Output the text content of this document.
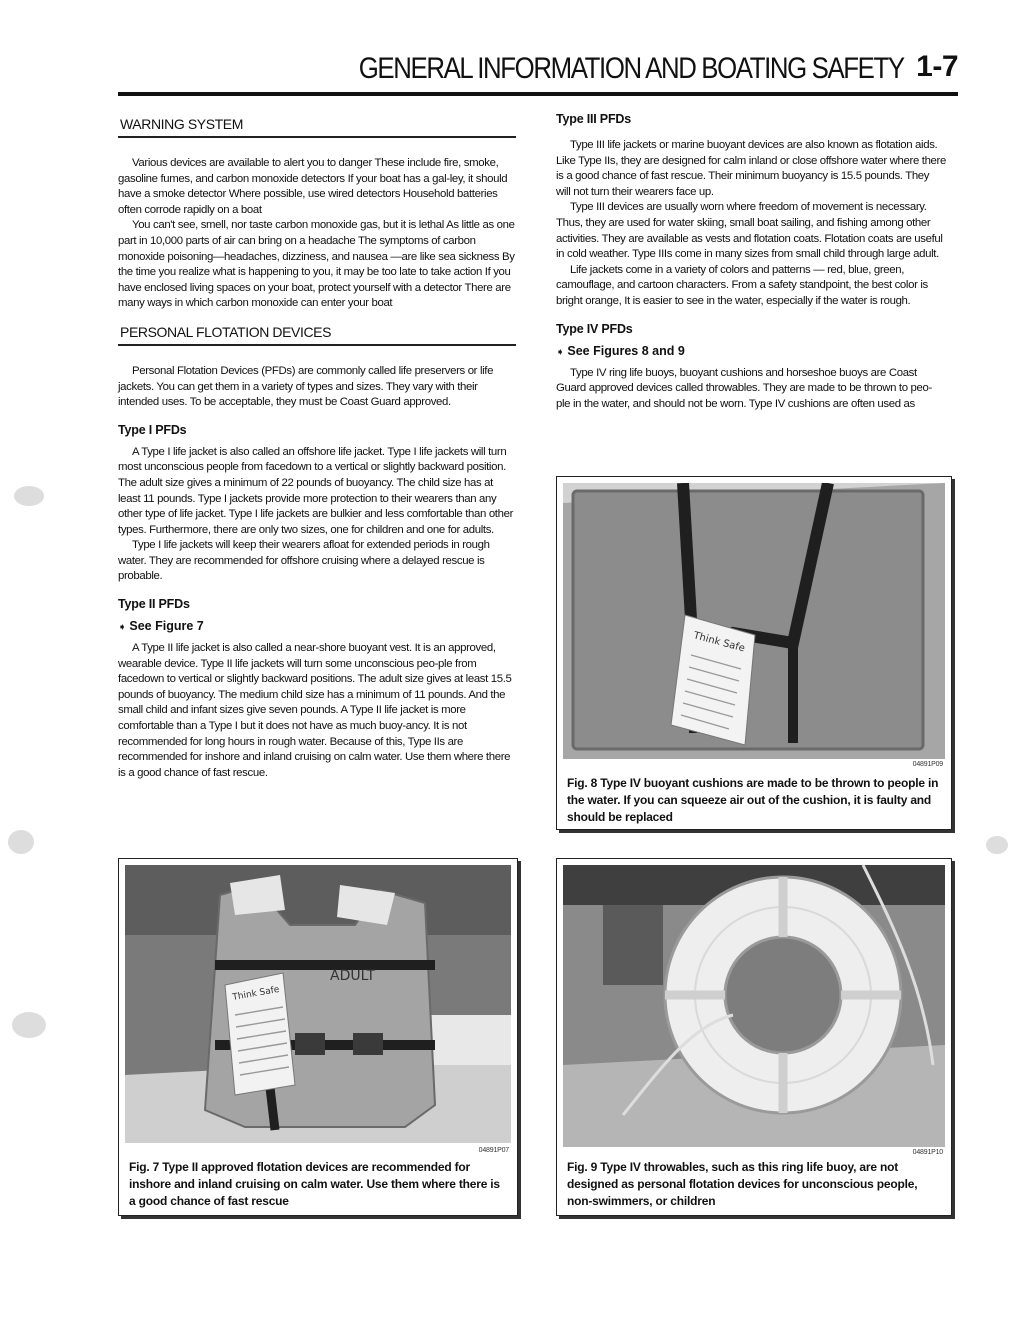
GENERAL INFORMATION AND BOATING SAFETY 1-7
WARNING SYSTEM

Various devices are available to alert you to danger These include fire, smoke, gasoline fumes, and carbon monoxide detectors If your boat has a gal-ley, it should have a smoke detector Where possible, use wired detectors Household batteries often corrode rapidly on a boat

You can't see, smell, nor taste carbon monoxide gas, but it is lethal As little as one part in 10,000 parts of air can bring on a headache The symptoms of carbon monoxide poisoning—headaches, dizziness, and nausea —are like sea sickness By the time you realize what is happening to you, it may be too late to take action If you have enclosed living spaces on your boat, protect yourself with a detector There are many ways in which carbon monoxide can enter your boat

PERSONAL FLOTATION DEVICES

Personal Flotation Devices (PFDs) are commonly called life preservers or life jackets. You can get them in a variety of types and sizes. They vary with their intended uses. To be acceptable, they must be Coast Guard approved.

Type I PFDs

A Type I life jacket is also called an offshore life jacket. Type I life jackets will turn most unconscious people from facedown to a vertical or slightly backward position. The adult size gives a minimum of 22 pounds of buoyancy. The child size has at least 11 pounds. Type I jackets provide more protection to their wearers than any other type of life jacket. Type I life jackets are bulkier and less comfortable than other types. Furthermore, there are only two sizes, one for children and one for adults.

Type I life jackets will keep their wearers afloat for extended periods in rough water. They are recommended for offshore cruising where a delayed rescue is probable.

Type II PFDs
➧ See Figure 7

A Type II life jacket is also called a near-shore buoyant vest. It is an approved, wearable device. Type II life jackets will turn some unconscious peo-ple from facedown to vertical or slightly backward positions. The adult size gives at least 15.5 pounds of buoyancy. The medium child size has a minimum of 11 pounds. And the small child and infant sizes give seven pounds. A Type II life jacket is more comfortable than a Type I but it does not have as much buoy-ancy. It is not recommended for long hours in rough water. Because of this, Type IIs are recommended for inshore and inland cruising on calm water. Use them where there is a good chance of fast rescue.

Type III PFDs

Type III life jackets or marine buoyant devices are also known as flotation aids. Like Type IIs, they are designed for calm inland or close offshore water where there is a good chance of fast rescue. Their minimum buoyancy is 15.5 pounds. They will not turn their wearers face up.

Type III devices are usually worn where freedom of movement is necessary. Thus, they are used for water skiing, small boat sailing, and fishing among other activities. They are available as vests and flotation coats. Flotation coats are useful in cold weather. Type IIIs come in many sizes from small child through large adult.

Life jackets come in a variety of colors and patterns — red, blue, green, camouflage, and cartoon characters. From a safety standpoint, the best color is bright orange, It is easier to see in the water, especially if the water is rough.

Type IV PFDs
➧ See Figures 8 and 9

Type IV ring life buoys, buoyant cushions and horseshoe buoys are Coast Guard approved devices called throwables. They are made to be thrown to peo-ple in the water, and should not be worn. Type IV cushions are often used as

Think Safe
04891P09
Fig. 8 Type IV buoyant cushions are made to be thrown to people in the water. If you can squeeze air out of the cushion, it is faulty and should be replaced
ADULT
Think Safe
04891P07
Fig. 7 Type II approved flotation devices are recommended for inshore and inland cruising on calm water. Use them where there is a good chance of fast rescue
04891P10
Fig. 9 Type IV throwables, such as this ring life buoy, are not designed as personal flotation devices for unconscious people, non-swimmers, or children
